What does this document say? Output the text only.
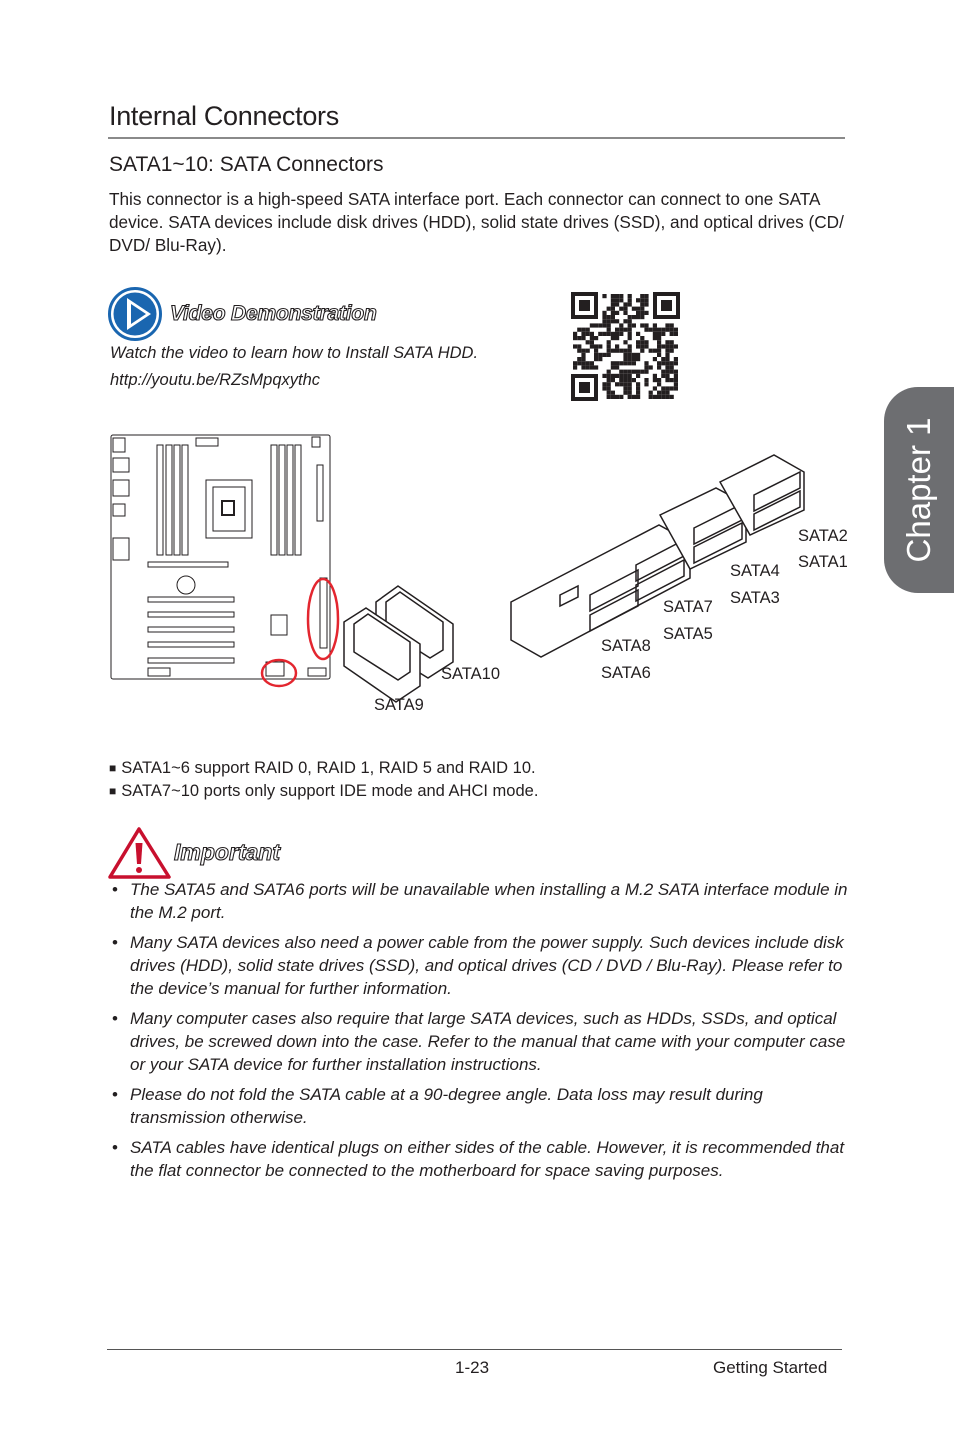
Internal Connectors
SATA1~10: SATA Connectors
This connector is a high-speed SATA interface port. Each connector can connect to one SATA device. SATA devices include disk drives (HDD), solid state drives (SSD), and optical drives (CD/ DVD/ Blu-Ray).
Video Demonstration
Watch the video to learn how to Install SATA HDD.
http://youtu.be/RZsMpqxythc
SATA2
SATA1
SATA4
SATA3
SATA7
SATA5
SATA8
SATA6
SATA10
SATA9
■ SATA1~6 support RAID 0, RAID 1, RAID 5 and RAID 10.
■ SATA7~10 ports only support IDE mode and AHCI mode.
Important
• The SATA5 and SATA6 ports will be unavailable when installing a M.2 SATA interface module in the M.2 port.
• Many SATA devices also need a power cable from the power supply. Such devices include disk drives (HDD), solid state drives (SSD), and optical drives (CD / DVD / Blu-Ray). Please refer to the device’s manual for further information.
• Many computer cases also require that large SATA devices, such as HDDs, SSDs, and optical drives, be screwed down into the case. Refer to the manual that came with your computer case or your SATA device for further installation instructions.
• Please do not fold the SATA cable at a 90-degree angle. Data loss may result during transmission otherwise.
• SATA cables have identical plugs on either sides of the cable. However, it is recommended that the flat connector be connected to the motherboard for space saving purposes.
Chapter 1
1-23	Getting Started
